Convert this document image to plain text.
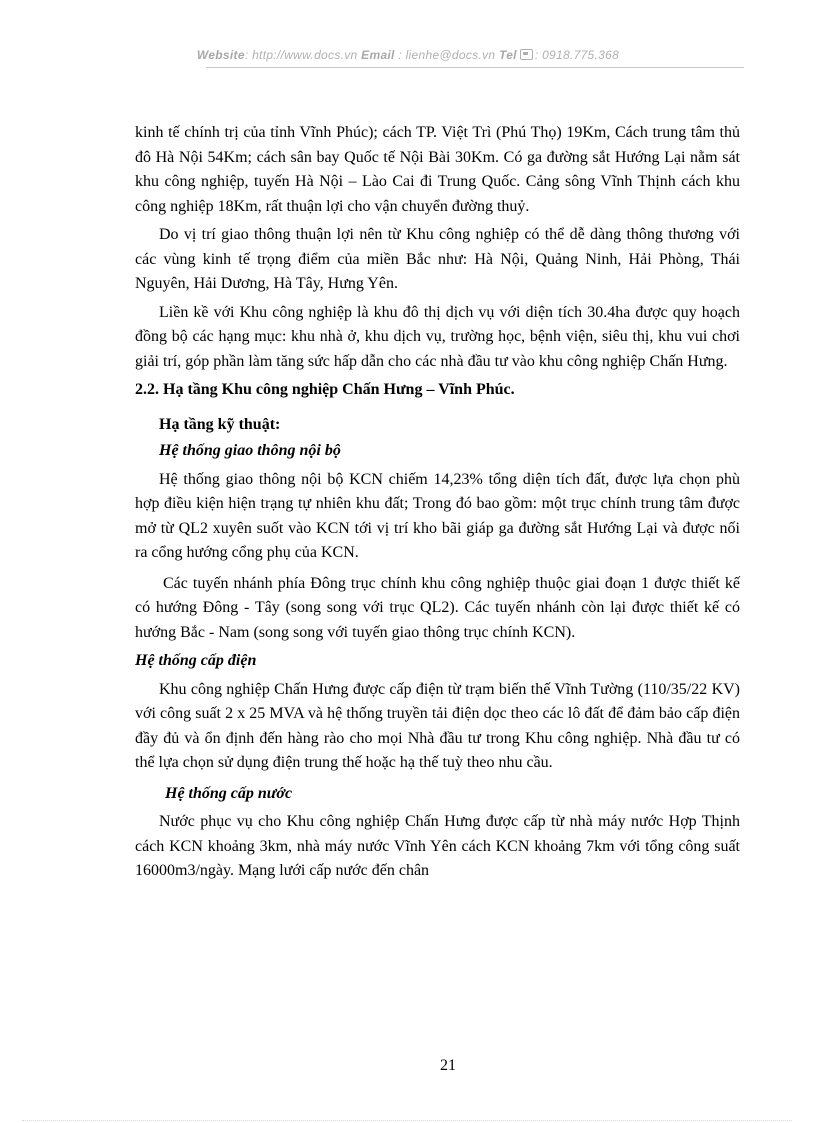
Website: http://www.docs.vn Email : lienhe@docs.vn Tel : 0918.775.368

kinh tế chính trị của tỉnh Vĩnh Phúc); cách TP. Việt Trì (Phú Thọ) 19Km, Cách trung tâm thủ đô Hà Nội 54Km; cách sân bay Quốc tế Nội Bài 30Km. Có ga đường sắt Hướng Lại nằm sát khu công nghiệp, tuyến Hà Nội – Lào Cai đi Trung Quốc. Cảng sông Vĩnh Thịnh cách khu công nghiệp 18Km, rất thuận lợi cho vận chuyển đường thuỷ.

Do vị trí giao thông thuận lợi nên từ Khu công nghiệp có thể dễ dàng thông thương với các vùng kinh tế trọng điểm của miền Bắc như: Hà Nội, Quảng Ninh, Hải Phòng, Thái Nguyên, Hải Dương, Hà Tây, Hưng Yên.

Liền kề với Khu công nghiệp là khu đô thị dịch vụ với diện tích 30.4ha được quy hoạch đồng bộ các hạng mục: khu nhà ở, khu dịch vụ, trường học, bệnh viện, siêu thị, khu vui chơi giải trí, góp phần làm tăng sức hấp dẫn cho các nhà đầu tư vào khu công nghiệp Chấn Hưng.

2.2. Hạ tầng Khu công nghiệp Chấn Hưng – Vĩnh Phúc.

Hạ tầng kỹ thuật:

Hệ thống giao thông nội bộ

Hệ thống giao thông nội bộ KCN chiếm 14,23% tổng diện tích đất, được lựa chọn phù hợp điều kiện hiện trạng tự nhiên khu đất; Trong đó bao gồm: một trục chính trung tâm được mở từ QL2 xuyên suốt vào KCN tới vị trí kho bãi giáp ga đường sắt Hướng Lại và được nối ra cổng hướng cổng phụ của KCN.

Các tuyến nhánh phía Đông trục chính khu công nghiệp thuộc giai đoạn 1 được thiết kế có hướng Đông - Tây (song song với trục QL2). Các tuyến nhánh còn lại được thiết kế có hướng Bắc - Nam (song song với tuyến giao thông trục chính KCN).

Hệ thống cấp điện

Khu công nghiệp Chấn Hưng được cấp điện từ trạm biến thế Vĩnh Tường (110/35/22 KV) với công suất 2 x 25 MVA và hệ thống truyền tải điện dọc theo các lô đất để đảm bảo cấp điện đầy đủ và ổn định đến hàng rào cho mọi Nhà đầu tư trong Khu công nghiệp. Nhà đầu tư có thể lựa chọn sử dụng điện trung thế hoặc hạ thế tuỳ theo nhu cầu.

Hệ thống cấp nước

Nước phục vụ cho Khu công nghiệp Chấn Hưng được cấp từ nhà máy nước Hợp Thịnh cách KCN khoảng 3km, nhà máy nước Vĩnh Yên cách KCN khoảng 7km với tổng công suất 16000m3/ngày. Mạng lưới cấp nước đến chân

21
